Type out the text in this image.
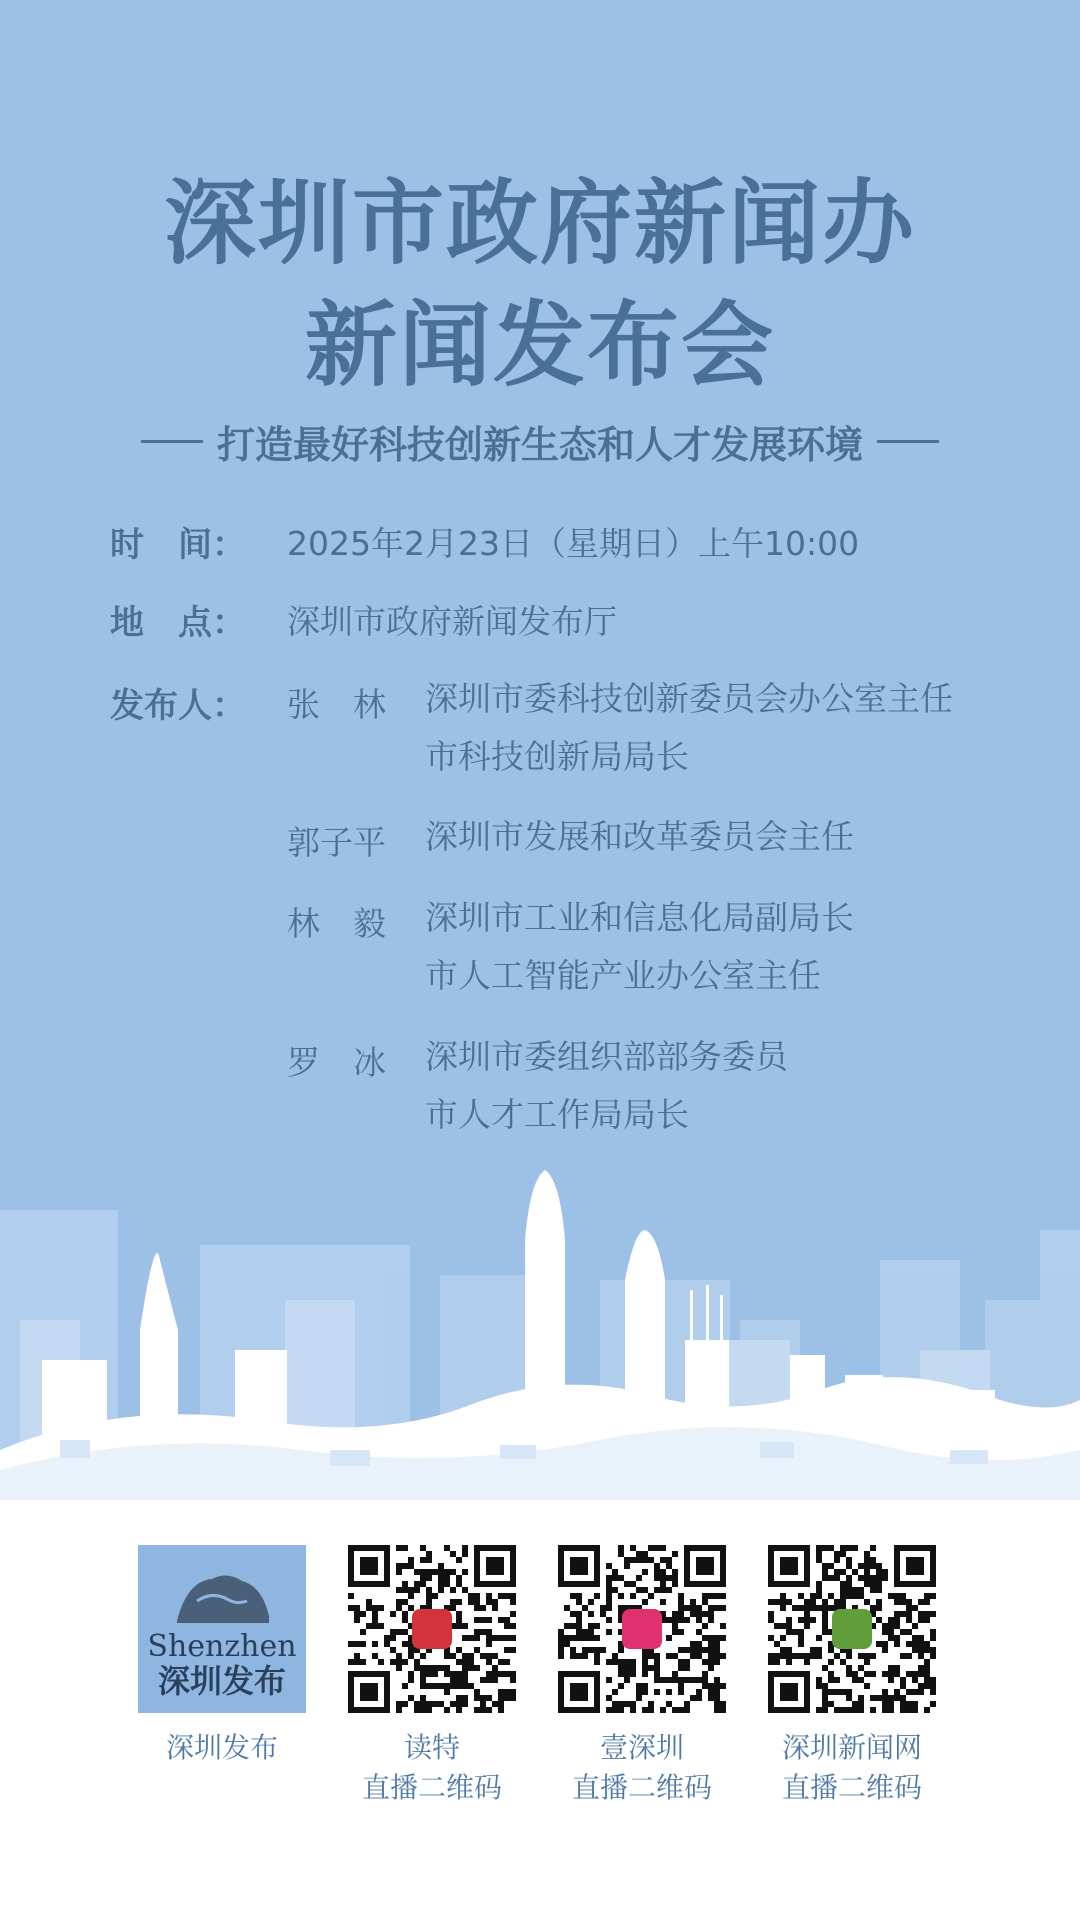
深圳市政府新闻办
新闻发布会
打造最好科技创新生态和人才发展环境
时　间： 2025年2月23日（星期日）上午10:00
地　点： 深圳市政府新闻发布厅
发布人： 张　林 深圳市委科技创新委员会办公室主任
市科技创新局局长
郭子平 深圳市发展和改革委员会主任
林　毅 深圳市工业和信息化局副局长
市人工智能产业办公室主任
罗　冰 深圳市委组织部部务委员
市人才工作局局长
Shenzhen
深圳发布
深圳发布	读特
直播二维码
壹深圳
直播二维码
深圳新闻网
直播二维码
